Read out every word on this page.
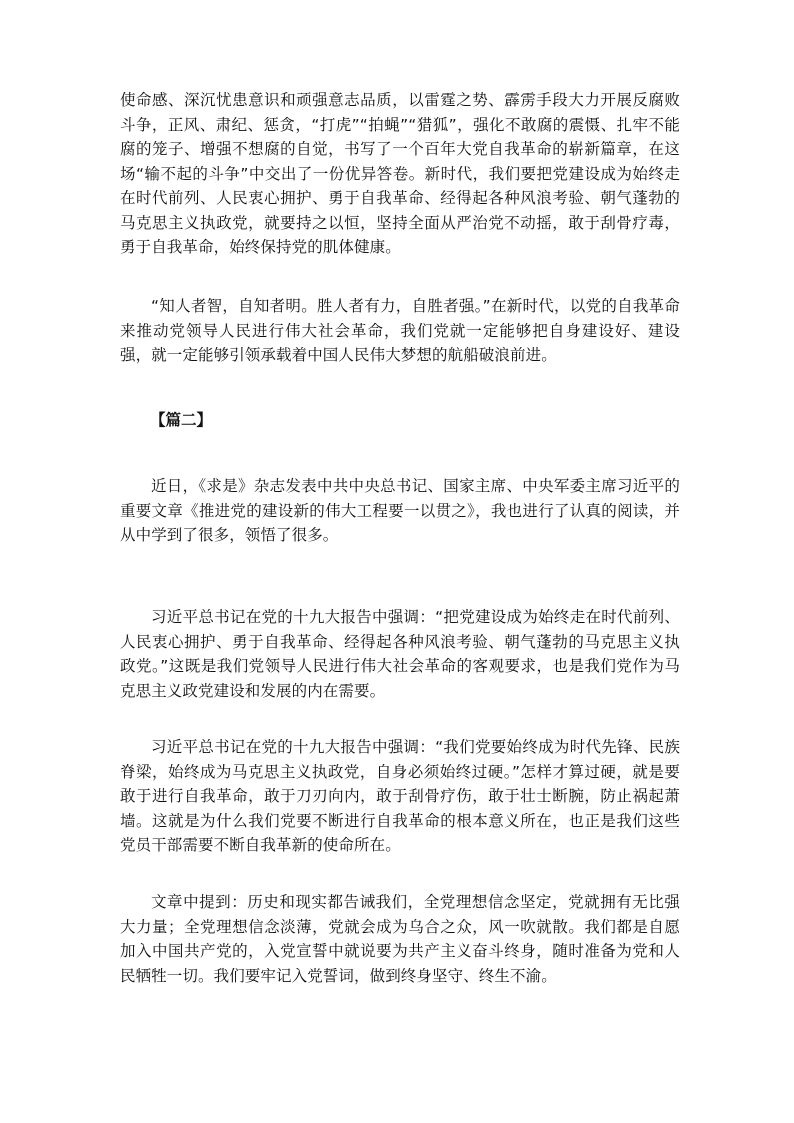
使命感、深沉忧患意识和顽强意志品质，以雷霆之势、霹雳手段大力开展反腐败斗争，正风、肃纪、惩贪，“打虎”“拍蝇”“猎狐”，强化不敢腐的震慑、扎牢不能腐的笼子、增强不想腐的自觉，书写了一个百年大党自我革命的崭新篇章，在这场“输不起的斗争”中交出了一份优异答卷。新时代，我们要把党建设成为始终走在时代前列、人民衷心拥护、勇于自我革命、经得起各种风浪考验、朝气蓬勃的马克思主义执政党，就要持之以恒，坚持全面从严治党不动摇，敢于刮骨疗毒，勇于自我革命，始终保持党的肌体健康。

“知人者智，自知者明。胜人者有力，自胜者强。”在新时代，以党的自我革命来推动党领导人民进行伟大社会革命，我们党就一定能够把自身建设好、建设强，就一定能够引领承载着中国人民伟大梦想的航船破浪前进。

【篇二】

近日，《求是》杂志发表中共中央总书记、国家主席、中央军委主席习近平的重要文章《推进党的建设新的伟大工程要一以贯之》，我也进行了认真的阅读，并从中学到了很多，领悟了很多。

习近平总书记在党的十九大报告中强调：“把党建设成为始终走在时代前列、人民衷心拥护、勇于自我革命、经得起各种风浪考验、朝气蓬勃的马克思主义执政党。”这既是我们党领导人民进行伟大社会革命的客观要求，也是我们党作为马克思主义政党建设和发展的内在需要。

习近平总书记在党的十九大报告中强调：“我们党要始终成为时代先锋、民族脊梁，始终成为马克思主义执政党，自身必须始终过硬。”怎样才算过硬，就是要敢于进行自我革命，敢于刀刃向内，敢于刮骨疗伤，敢于壮士断腕，防止祸起萧墙。这就是为什么我们党要不断进行自我革命的根本意义所在，也正是我们这些党员干部需要不断自我革新的使命所在。

文章中提到：历史和现实都告诫我们，全党理想信念坚定，党就拥有无比强大力量；全党理想信念淡薄，党就会成为乌合之众，风一吹就散。我们都是自愿加入中国共产党的，入党宣誓中就说要为共产主义奋斗终身，随时准备为党和人民牺牲一切。我们要牢记入党誓词，做到终身坚守、终生不渝。
